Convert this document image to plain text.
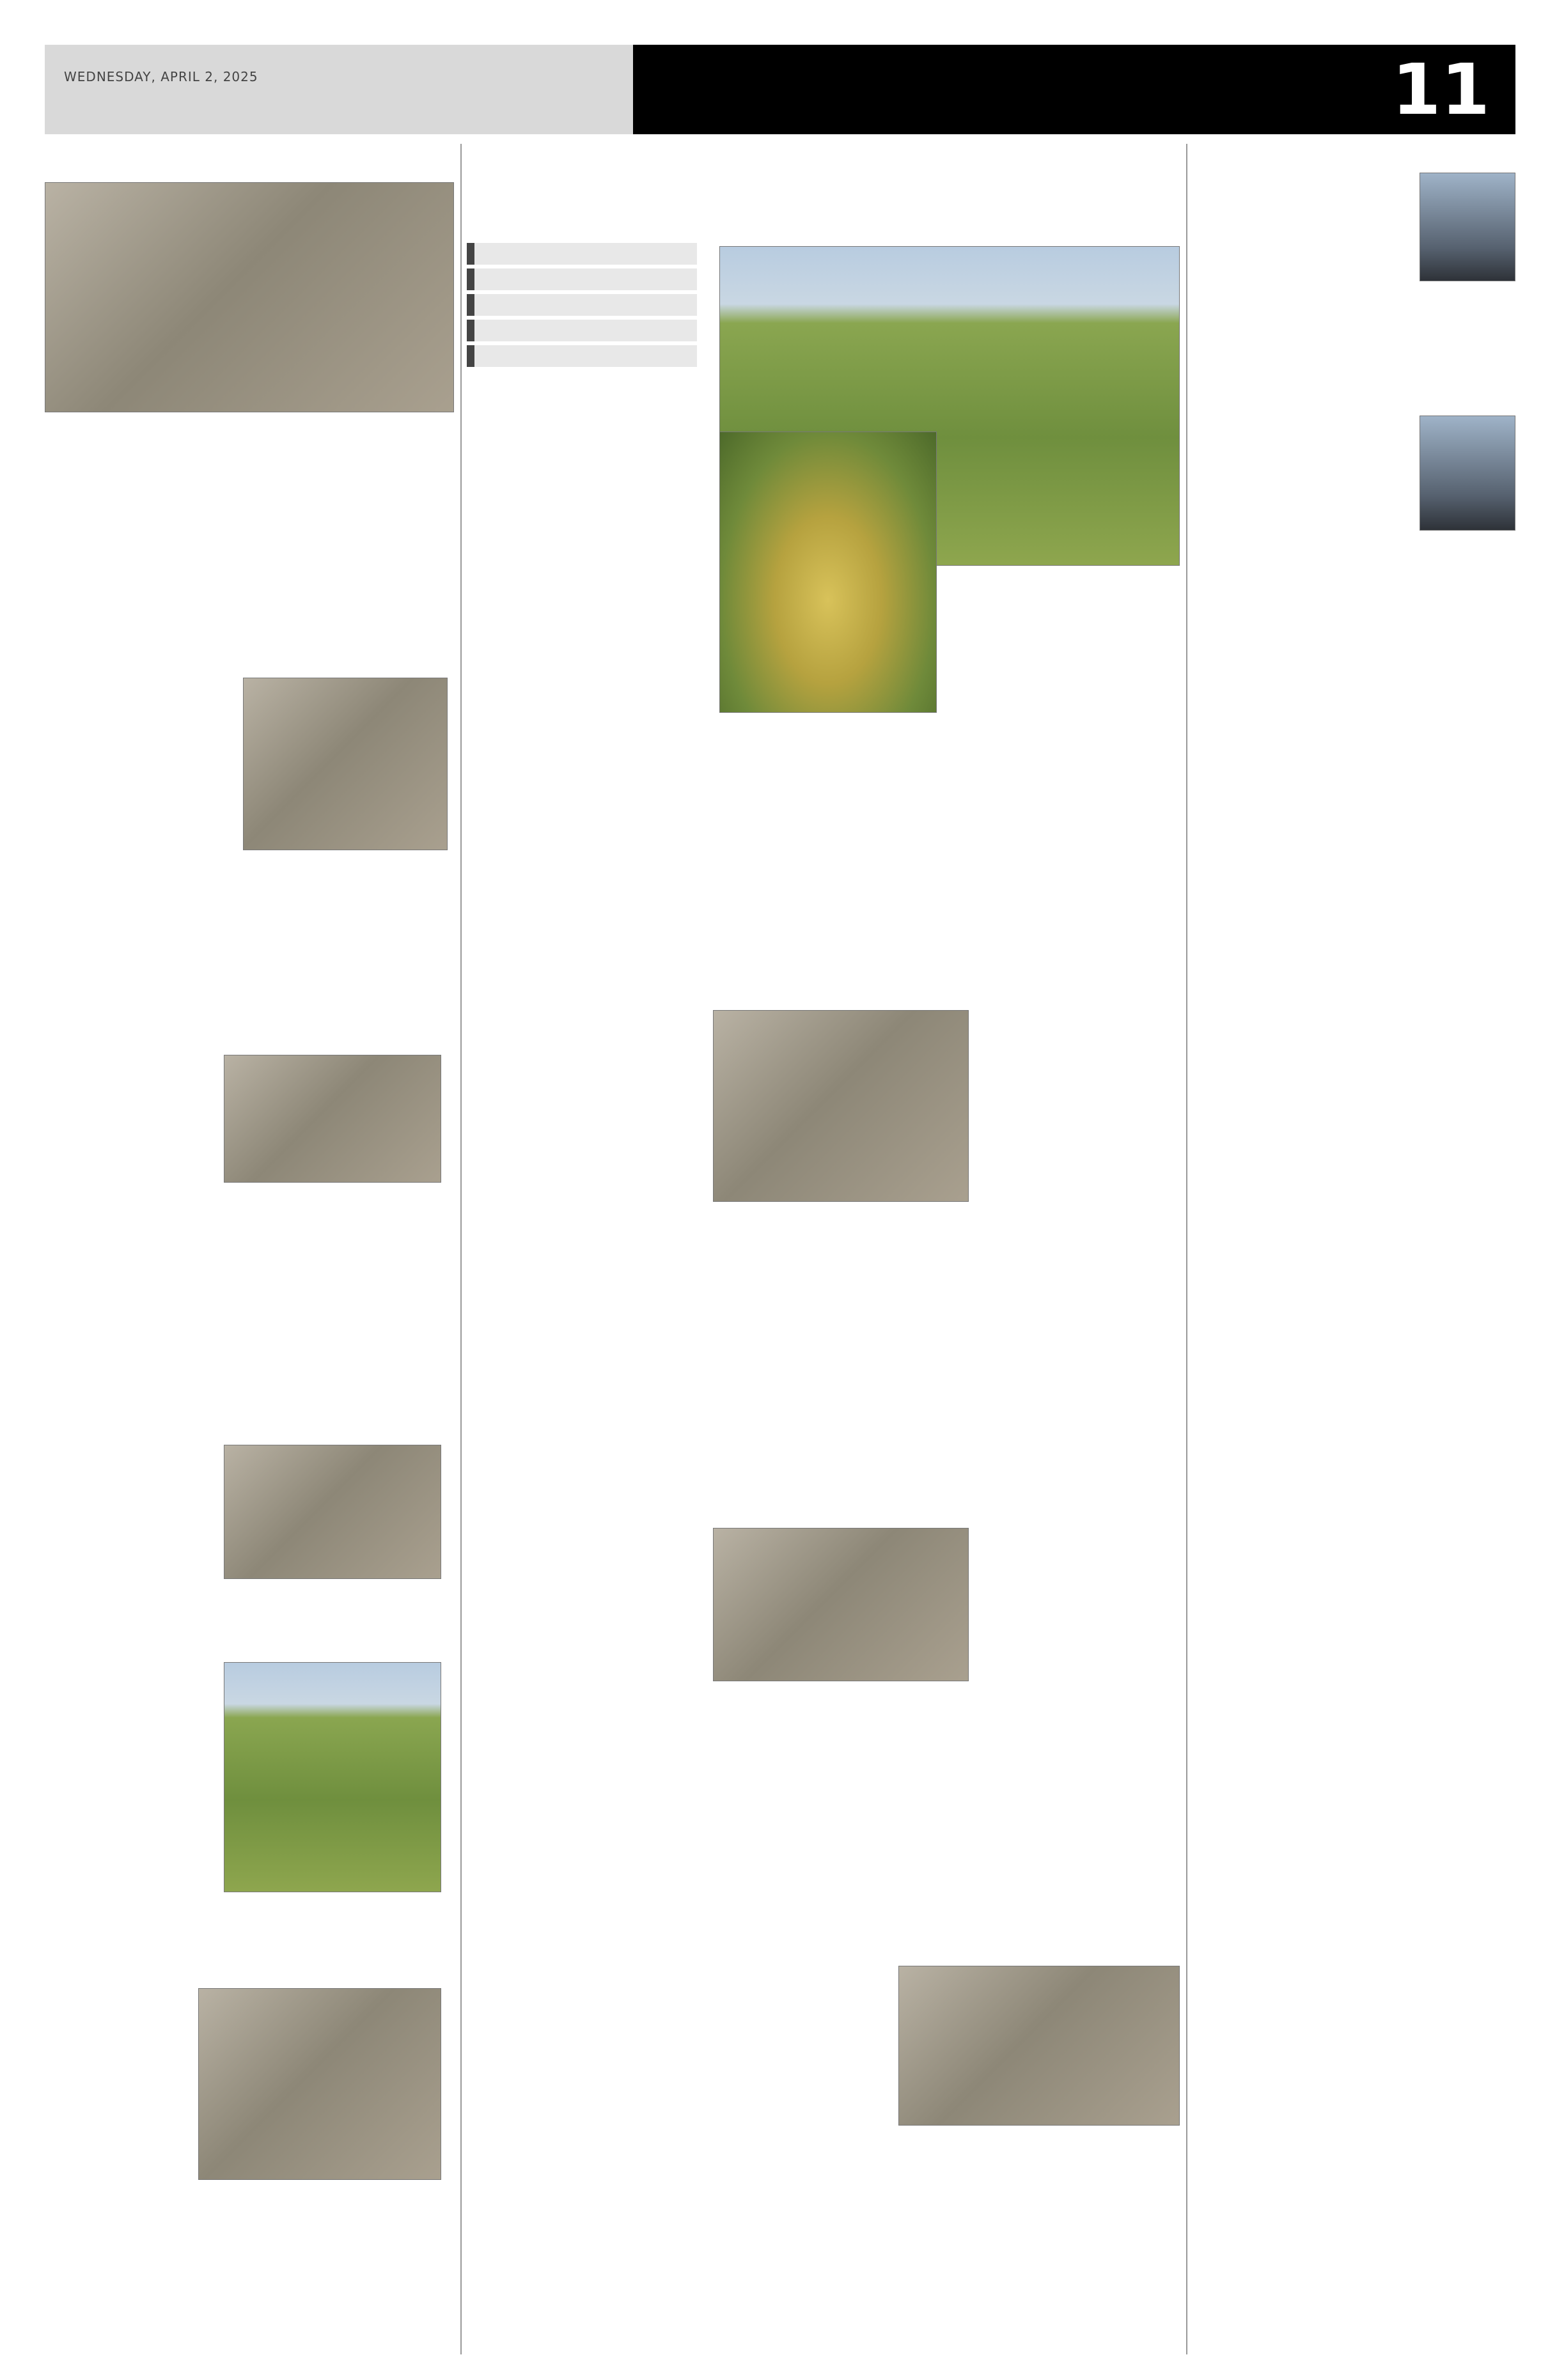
WEDNESDAY, APRIL 2, 2025	11
